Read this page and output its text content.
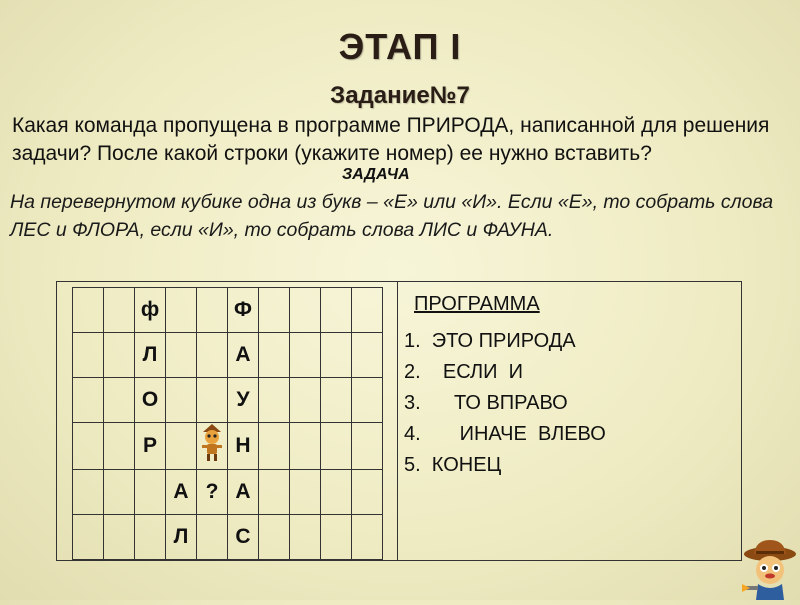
ЭТАП I
Задание№7
Какая команда пропущена в программе ПРИРОДА, написанной для решения задачи? После какой строки (укажите номер) ее нужно вставить?
ЗАДАЧА
На перевернутом кубике одна из букв – «Е» или «И». Если «Е», то собрать слова ЛЕС и ФЛОРА, если «И», то собрать слова ЛИС и ФАУНА.
		ф			Ф				
		Л			А				
		О			У				
		Р			Н				
			А	?	А				
			Л		С				
ПРОГРАММА
1.  ЭТО ПРИРОДА
2.    ЕСЛИ  И
3.      ТО ВПРАВО
4.       ИНАЧЕ  ВЛЕВО
5.  КОНЕЦ
